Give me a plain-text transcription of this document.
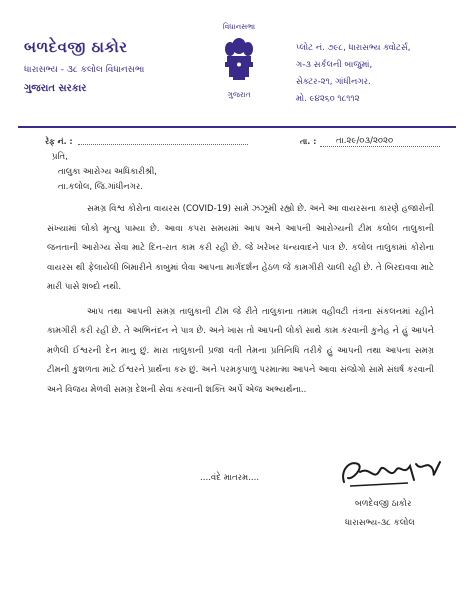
બળદેવજી ઠાકોર
ધારાસભ્ય - ૩૮ કલોલ વિધાનસભા
ગુજરાત સરકાર
વિધાનસભા
ગુજરાત
પ્લોટ નં. ૭૯૮, ધારાસભ્ય ક્વોટર્સ,
ગ-૩ સર્કલની બાજુમાં,
સેક્ટર-૨૧, ગાંધીનગર.
મો. ૯૪૨૬૦ ૧૮૧૧૨
રેફ નં. :	તા. : તા.૨૯/૦૩/૨૦૨૦
પ્રતિ,
તાલુકા આરોગ્ય અધિકારીશ્રી,
તા.કલોલ, જિ.ગાંધીનગર.

સમગ્ર વિશ્વ કોરોના વાયરસ (COVID-19) સામે ઝઝૂમી રહ્યો છે. અને આ વાયરસના કારણે હજારોની સંખ્યામાં લોકો મૃત્યુ પામ્યા છે. આવા કપરા સમયમાં આપ અને આપની આરોગ્યની ટીમ કલોલ તાલુકાની જનતાની આરોગ્ય સેવા માટે દિન-રાત કામ કરી રહી છે. જે ખરેખર ધન્યવાદને પાત્ર છે. કલોલ તાલુકામાં કોરોના વાયરસ થી ફેલાયેલી બિમારીને કાબુમાં લેવા આપના માર્ગદર્શન હેઠળ જે કામગીરી ચાલી રહી છે. તે બિરદાવવા માટે મારી પાસે શબ્દો નથી.

આપ તથા આપની સમગ્ર તાલુકાની ટીમ જે રીતે તાલુકાના તમામ વહીવટી તંત્રના સંકલનમાં રહીને કામગીરી કરી રહી છે. તે અભિનંદન ને પાત્ર છે. અને ખાસ તો આપની લોકો સાથે કામ કરવાની કુનેહ ને હું આપને મળેલી ઈશ્વરની દેન માનુ છું. મારા તાલુકાની પ્રજા વતી તેમના પ્રતિનિધિ તરીકે હું આપની તથા આપના સમગ્ર ટીમની કુશળતા માટે ઈશ્વરને પ્રાર્થના કરુ છું. અને પરમકૃપાળુ પરમાત્મા આપને આવા સંજોગો સામે સંઘર્ષ કરવાની અને વિજય મેળવી સમગ્ર દેશની સેવા કરવાની શક્તિ અર્પે એજ અભ્યર્થના..

....વંદે માતરમ....
બળદેવજી ઠાકોર
ધારાસભ્ય-૩૮ કલોલ
